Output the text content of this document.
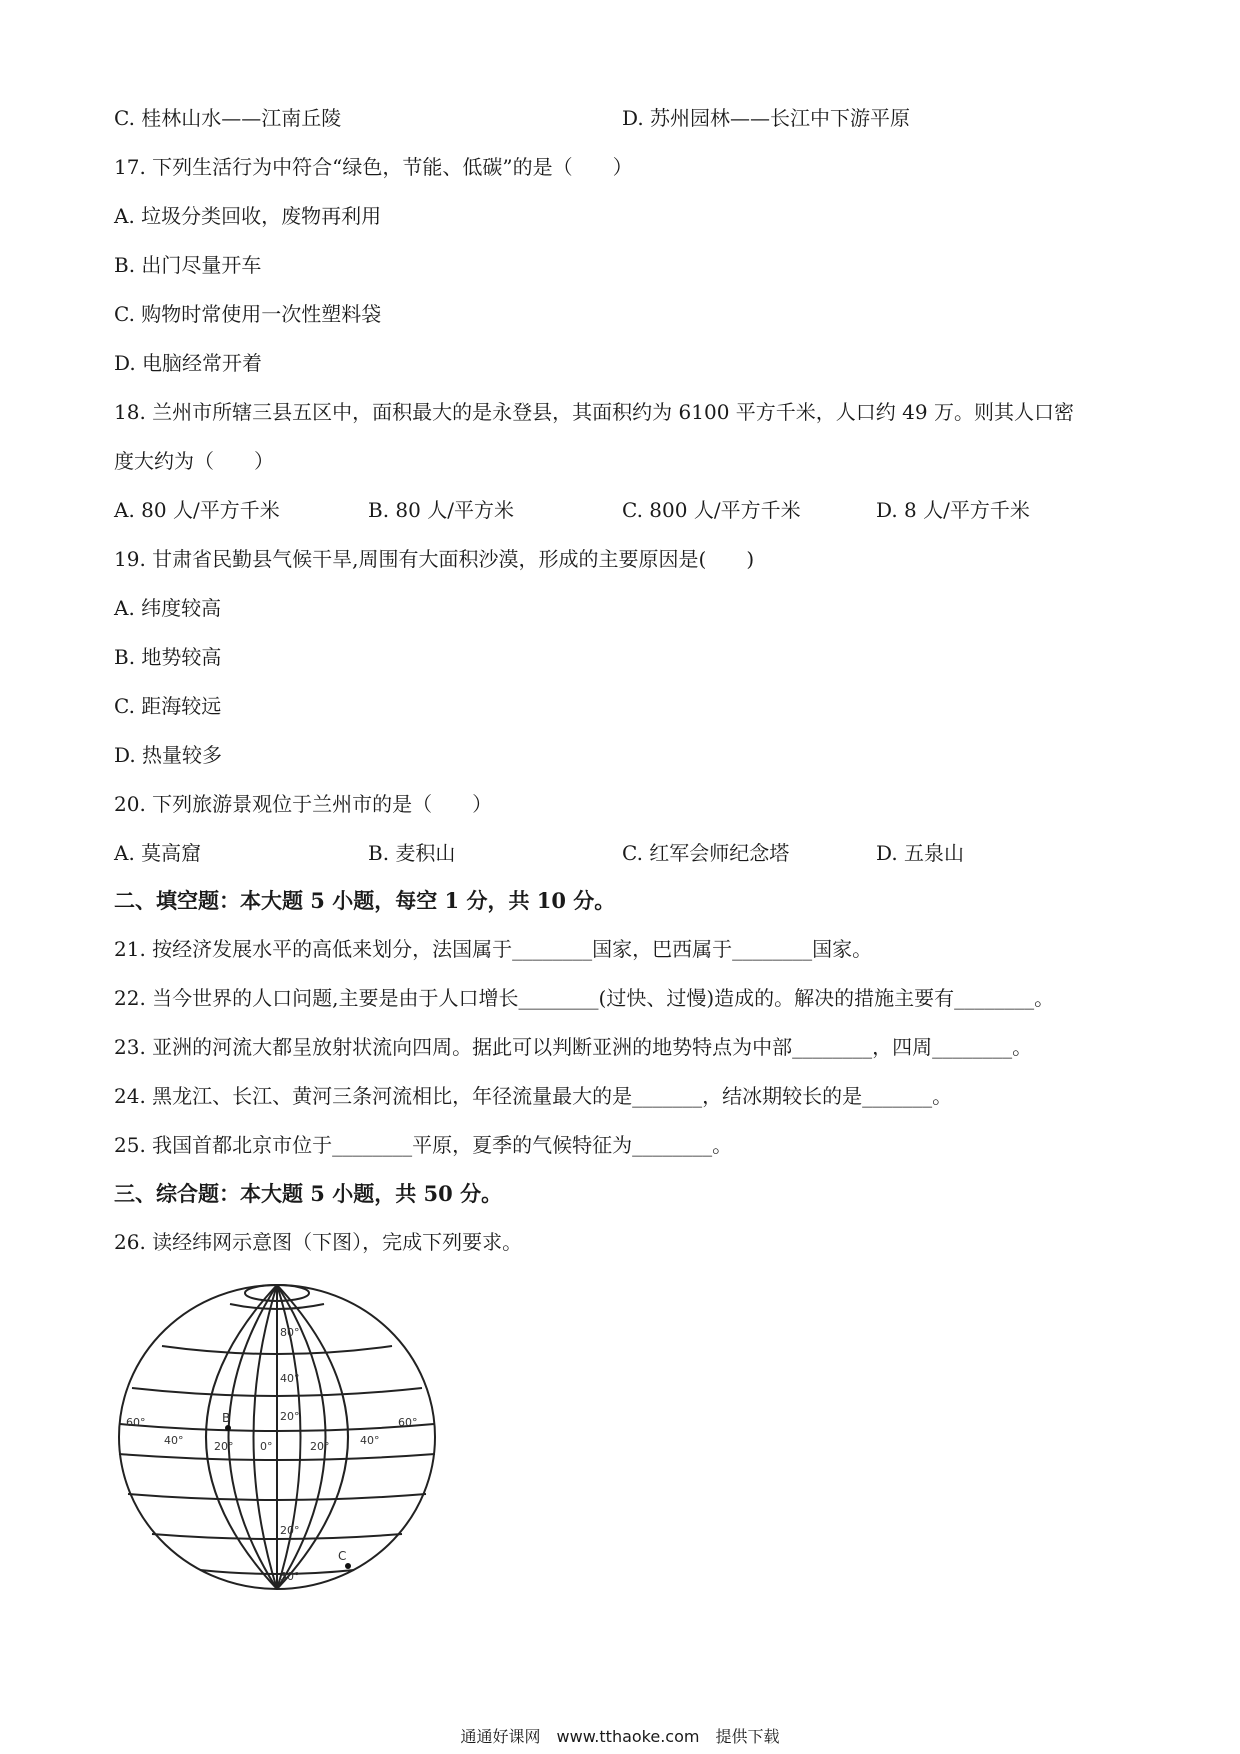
C. 桂林山水——江南丘陵	D. 苏州园林——长江中下游平原
17. 下列生活行为中符合“绿色，节能、低碳”的是（　　）
A. 垃圾分类回收，废物再利用
B. 出门尽量开车
C. 购物时常使用一次性塑料袋
D. 电脑经常开着
18. 兰州市所辖三县五区中，面积最大的是永登县，其面积约为 6100 平方千米，人口约 49 万。则其人口密
度大约为（　　）
A. 80 人/平方千米	B. 80 人/平方米	C. 800 人/平方千米	D. 8 人/平方千米
19. 甘肃省民勤县气候干旱,周围有大面积沙漠，形成的主要原因是(　　)
A. 纬度较高
B. 地势较高
C. 距海较远
D. 热量较多
20. 下列旅游景观位于兰州市的是（　　）
A. 莫高窟	B. 麦积山	C. 红军会师纪念塔	D. 五泉山
二、填空题：本大题 5 小题，每空 1 分，共 10 分。
21. 按经济发展水平的高低来划分，法国属于________国家，巴西属于________国家。
22. 当今世界的人口问题,主要是由于人口增长________(过快、过慢)造成的。解决的措施主要有________。
23. 亚洲的河流大都呈放射状流向四周。据此可以判断亚洲的地势特点为中部________，四周________。
24. 黑龙江、长江、黄河三条河流相比，年径流量最大的是_______，结冰期较长的是_______。
25. 我国首都北京市位于________平原，夏季的气候特征为________。
三、综合题：本大题 5 小题，共 50 分。
26. 读经纬网示意图（下图），完成下列要求。
80°
40°
20°
0°
20°
30°
60°
40°	20°	20°	40°
60°
B
C
通通好课网　www.tthaoke.com　提供下载
